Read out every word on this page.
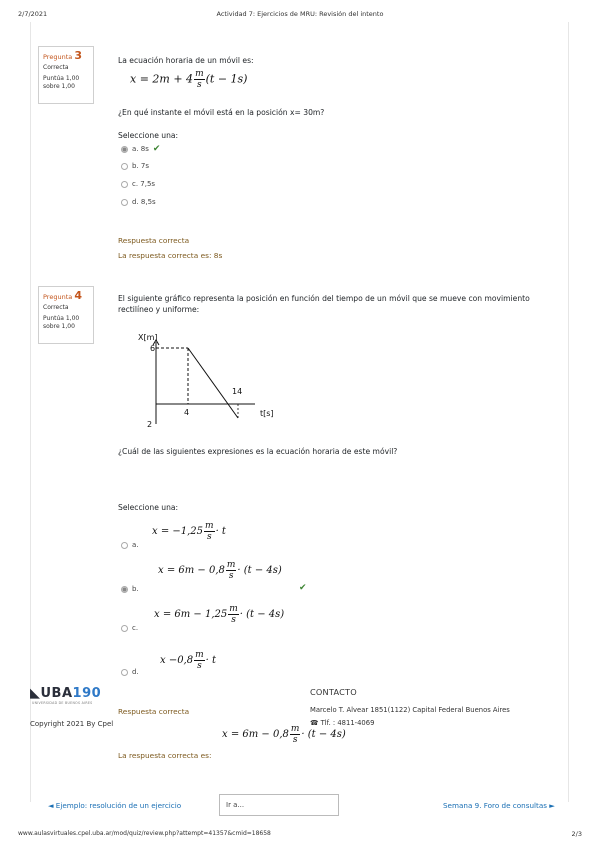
2/7/2021	Actividad 7: Ejercicios de MRU: Revisión del intento
www.aulasvirtuales.cpel.uba.ar/mod/quiz/review.php?attempt=41357&cmid=18658	2/3
Pregunta 3
Correcta
Puntúa 1,00
sobre 1,00
La ecuación horaria de un móvil es:
$x = 2m + 4 \frac{m}{s} (t - 1s)$
¿En qué instante el móvil está en la posición x= 30m?
Seleccione una:
a. 8s ✔
b. 7s
c. 7,5s
d. 8,5s
Respuesta correcta
La respuesta correcta es: 8s
Pregunta 4
Correcta
Puntúa 1,00
sobre 1,00
El siguiente gráfico representa la posición en función del tiempo de un móvil que se mueve con movimiento rectilíneo y uniforme:
X[m]
6
4
14
t[s]
2
¿Cuál de las siguientes expresiones es la ecuación horaria de este móvil?
Seleccione una:
$x = -1,25 \frac{m}{s} \cdot t$
a.
$x = 6m - 0,8 \frac{m}{s} \cdot (t - 4s)$
b.	✔
$x = 6m - 1,25 \frac{m}{s} \cdot (t - 4s)$
c.
$x -0,8 \frac{m}{s} \cdot t$
d.
◣UBA190
UNIVERSIDAD DE BUENOS AIRES
Copyright 2021 By Cpel
CONTACTO
Marcelo T. Alvear 1851(1122) Capital Federal Buenos Aires
☎ Tlf. : 4811-4069
Respuesta correcta
$x = 6m - 0,8 \frac{m}{s} \cdot (t - 4s)$
La respuesta correcta es:
◄ Ejemplo: resolución de un ejercicio	Ir a...	Semana 9. Foro de consultas ►
